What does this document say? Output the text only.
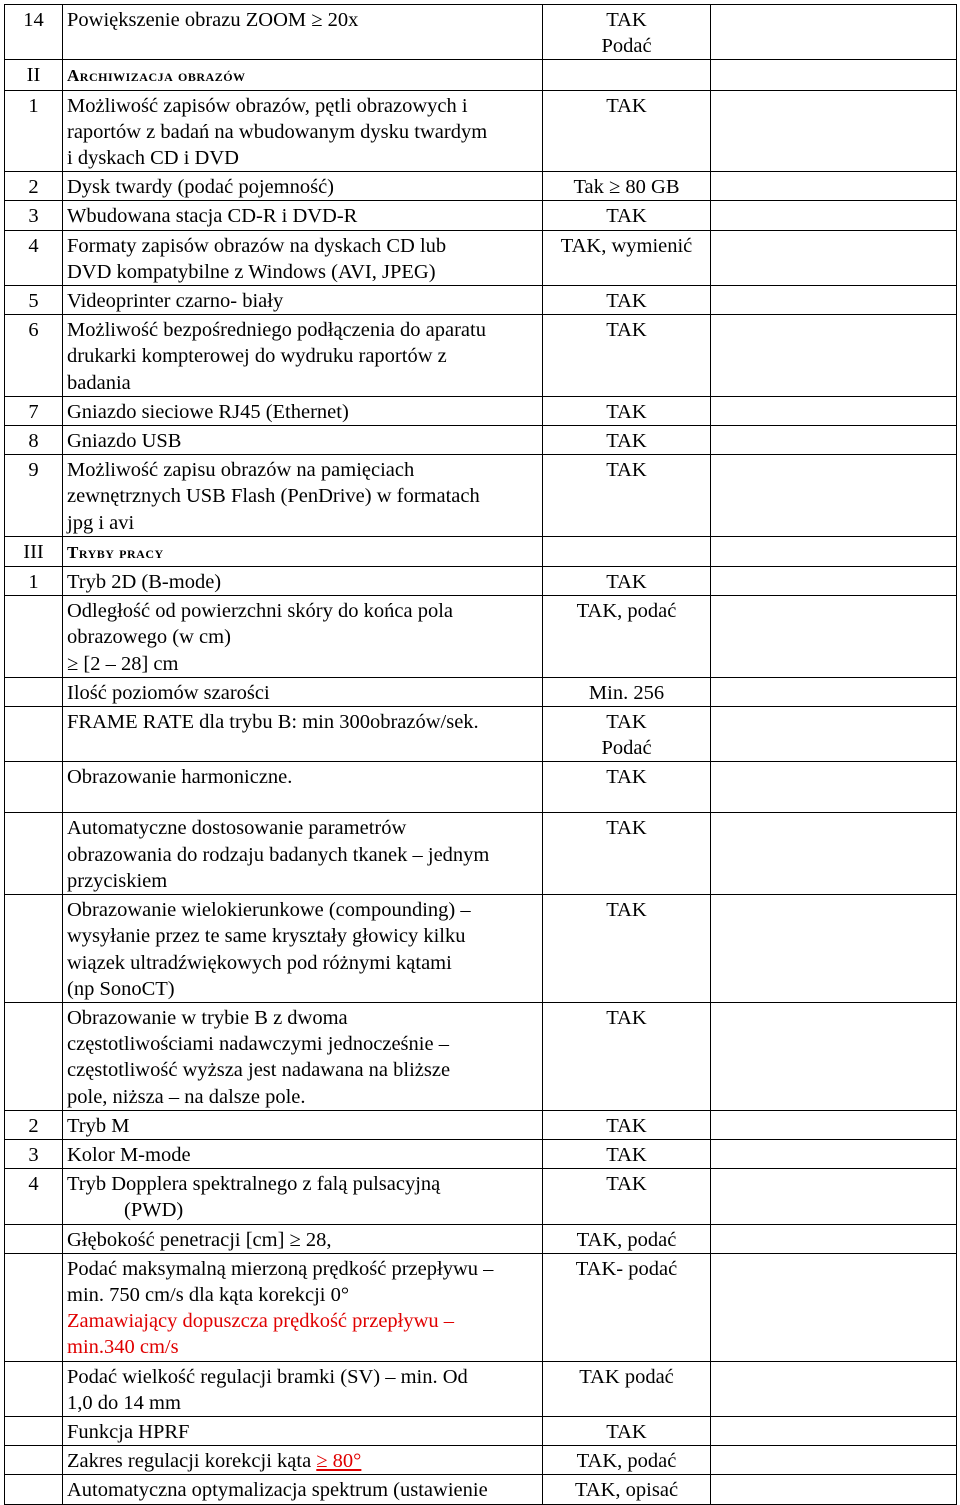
14	Powiększenie obrazu ZOOM ≥ 20x	TAK
Podać	

II	Archiwizacja obrazów		
1	Możliwość zapisów obrazów, pętli obrazowych i
raportów z badań na wbudowanym dysku twardym
i dyskach CD i DVD	TAK	
2	Dysk twardy (podać pojemność)	Tak ≥ 80 GB	
3	Wbudowana stacja CD-R i DVD-R	TAK	
4	Formaty zapisów obrazów na dyskach CD lub
DVD kompatybilne z Windows (AVI, JPEG)	TAK, wymienić	
5	Videoprinter czarno- biały	TAK	
6	Możliwość bezpośredniego podłączenia do aparatu
drukarki kompterowej do wydruku raportów z
badania	TAK	
7	Gniazdo sieciowe RJ45 (Ethernet)	TAK	
8	Gniazdo USB	TAK	
9	Możliwość zapisu obrazów na pamięciach
zewnętrznych USB Flash (PenDrive) w formatach
jpg i avi	TAK	
III	Tryby pracy		
1	Tryb 2D (B-mode)	TAK	

	Odległość od powierzchni skóry do końca pola
obrazowego (w cm)
≥ [2 – 28] cm	TAK, podać	
	Ilość poziomów szarości	Min. 256	
	FRAME RATE dla trybu B: min 300obrazów/sek.	TAK
Podać	

	Obrazowanie harmoniczne.	TAK	

	Automatyczne dostosowanie parametrów
obrazowania do rodzaju badanych tkanek – jednym
przyciskiem	TAK	

	Obrazowanie wielokierunkowe (compounding) –
wysyłanie przez te same kryształy głowicy kilku
wiązek ultradźwiękowych pod różnymi kątami
(np SonoCT)	TAK	

	Obrazowanie w trybie B z dwoma
częstotliwościami nadawczymi jednocześnie –
częstotliwość wyższa jest nadawana na bliższe
pole, niższa – na dalsze pole.	TAK	
2	Tryb M	TAK	
3	Kolor M-mode	TAK	
4	Tryb Dopplera spektralnego z falą pulsacyjną
(PWD)	TAK	
	Głębokość penetracji [cm] ≥ 28,	TAK, podać	

	Podać maksymalną mierzoną prędkość przepływu –
min. 750 cm/s dla kąta korekcji 0°
Zamawiający dopuszcza prędkość przepływu –
min.340 cm/s	TAK- podać	

	Podać wielkość regulacji bramki (SV) – min. Od
1,0 do 14 mm	TAK podać	
	Funkcja HPRF	TAK	
	Zakres regulacji korekcji kąta ≥ 80°	TAK, podać	
	Automatyczna optymalizacja spektrum (ustawienie	TAK, opisać	
